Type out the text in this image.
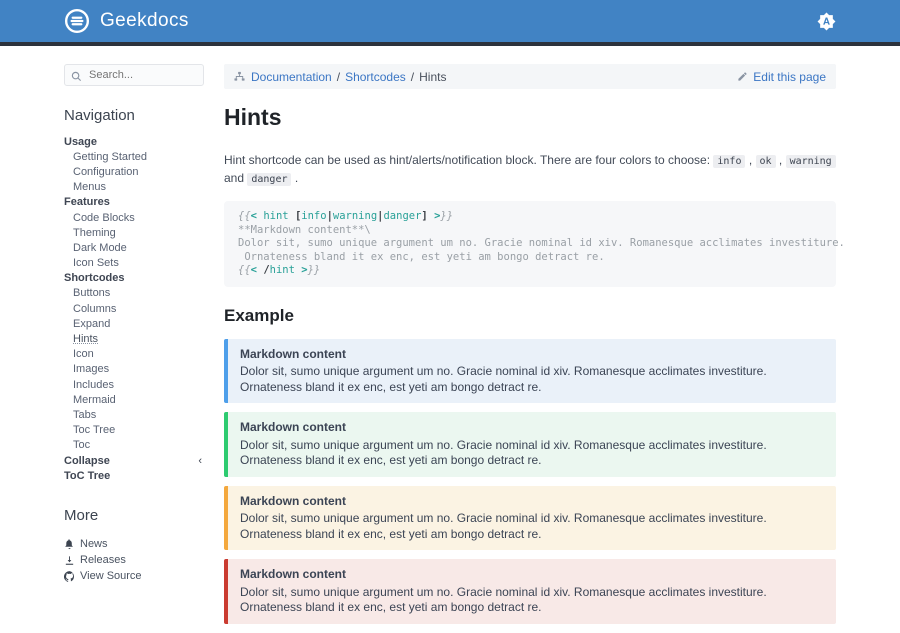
Geekdocs
Search...
Navigation
Usage
Getting Started
Configuration
Menus
Features
Code Blocks
Theming
Dark Mode
Icon Sets
Shortcodes
Buttons
Columns
Expand
Hints
Icon
Images
Includes
Mermaid
Tabs
Toc Tree
Toc
Collapse	‹
ToC Tree
More
News
Releases
View Source
Documentation / Shortcodes / Hints	Edit this page
Hints

Hint shortcode can be used as hint/alerts/notification block. There are four colors to choose: info , ok , warning and danger .

{{< hint [info|warning|danger] >}}
**Markdown content**\
Dolor sit, sumo unique argument um no. Gracie nominal id xiv. Romanesque acclimates investiture.
Ornateness bland it ex enc, est yeti am bongo detract re.
{{< /hint >}}
Example
Markdown content
Dolor sit, sumo unique argument um no. Gracie nominal id xiv. Romanesque acclimates investiture. Ornateness bland it ex enc, est yeti am bongo detract re.
Markdown content
Dolor sit, sumo unique argument um no. Gracie nominal id xiv. Romanesque acclimates investiture. Ornateness bland it ex enc, est yeti am bongo detract re.
Markdown content
Dolor sit, sumo unique argument um no. Gracie nominal id xiv. Romanesque acclimates investiture. Ornateness bland it ex enc, est yeti am bongo detract re.
Markdown content
Dolor sit, sumo unique argument um no. Gracie nominal id xiv. Romanesque acclimates investiture. Ornateness bland it ex enc, est yeti am bongo detract re.
